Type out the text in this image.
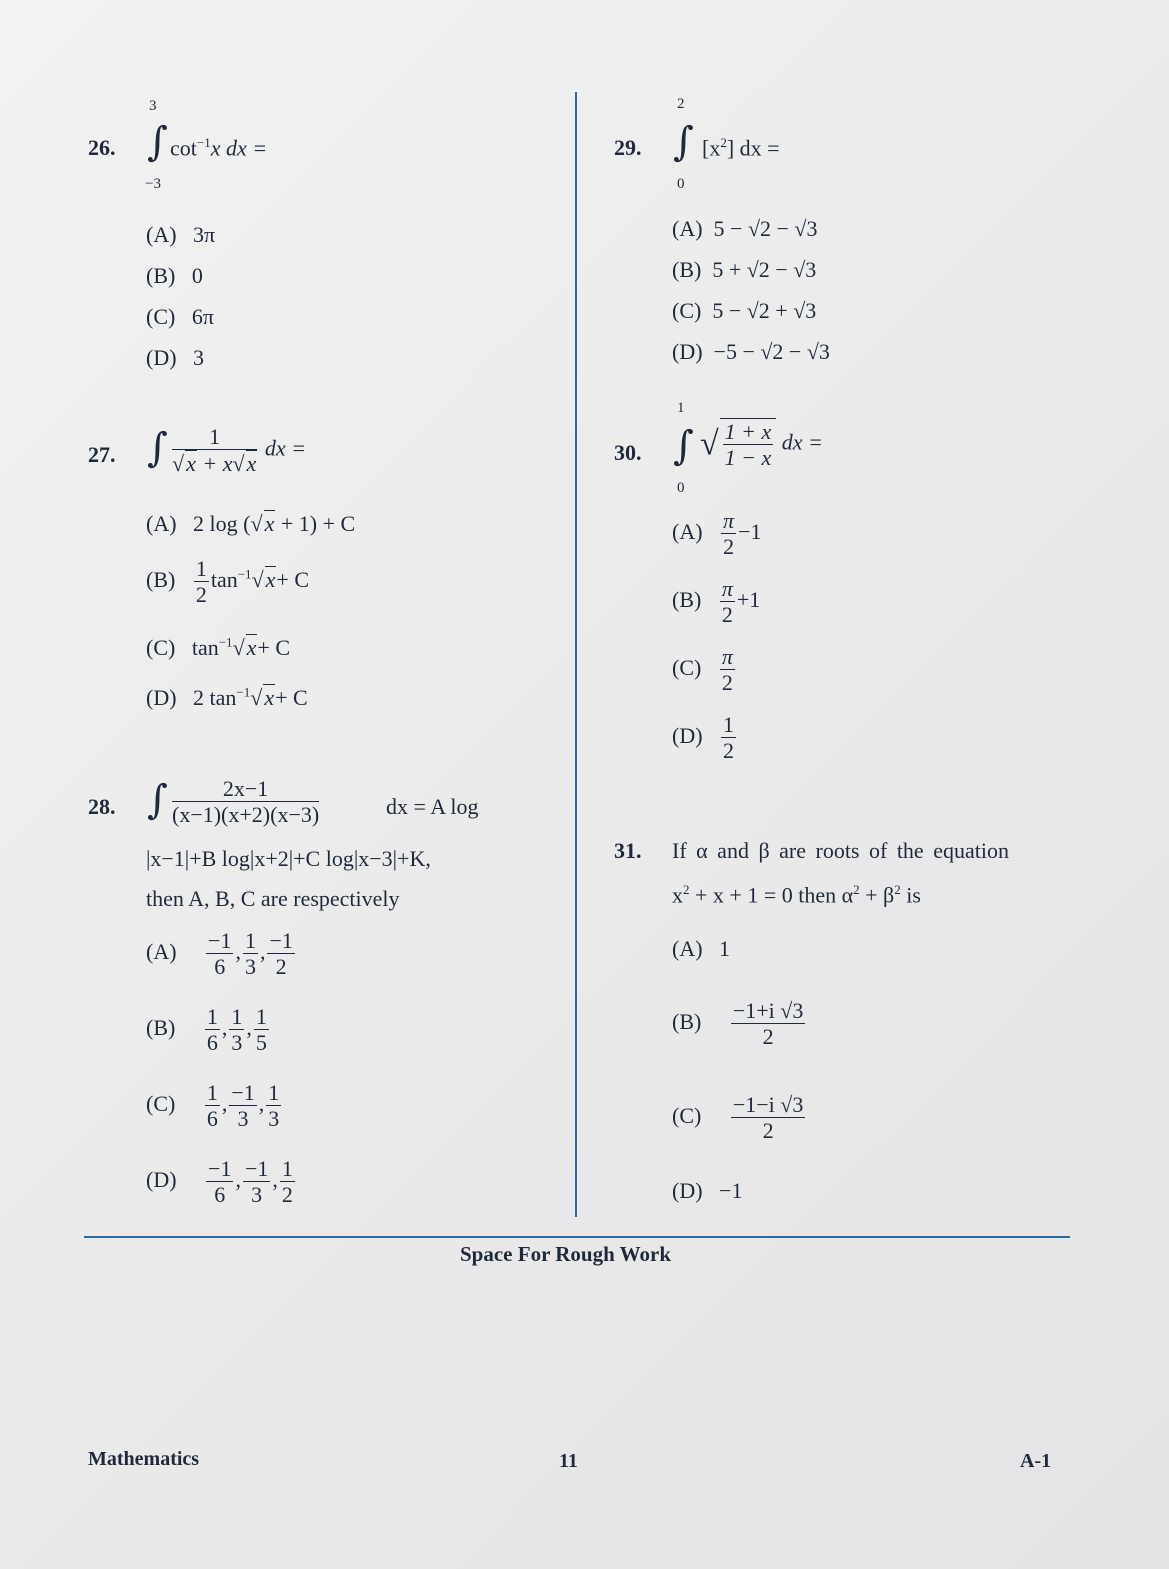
26.
3
∫
−3
$\cot^{-1}x$ dx =
(A) 3π
(B) 0
(C) 6π
(D) 3
27. ∫ $\frac{1}{√x + x√x}$ dx =
(A) 2 log (√x + 1) + C
$(B) \frac{1}{2} \tan^{-1}√x+ C$
(C) $\tan^{-1}√x+ C$
(D) 2 $\tan^{-1}√x+ C$
28. ∫ $\frac{2x-1}{(x-1)(x+2)(x-3)}$	dx = A log
|x−1|+B log|x+2|+C log|x−3|+K,
then A, B, C are respectively
$(A) \frac{-1}{6}$ , $\frac{1}{3}$ , $\frac{-1}{2}$
$(B) \frac{1}{6}$ , $\frac{1}{3}$ , $\frac{1}{5}$
$(C) \frac{1}{6}$ , $\frac{-1}{3}$ , $\frac{1}{3}$
$(D) \frac{-1}{6}$ , $\frac{-1}{3}$ , $\frac{1}{2}$
29.
2
∫
0
$[x^2]$ dx =
(A) 5 − √2 − √3
(B) 5 + √2 − √3
(C) 5 − √2 + √3
(D) −5 − √2 − √3
30.
1
∫
0
√ $\frac{1 + x}{1 - x}$ dx =
$(A) \frac{\pi}{2} -1$
$(B) \frac{\pi}{2} +1$
$(C) \frac{\pi}{2}$
$(D) \frac{1}{2}$
31. If α and β are roots of the equation
$x^2 + x + 1 = 0$ then $\alpha^2 + \beta^2$ is
(A) 1
$(B) \frac{-1+i √3}{2}$
$(C) \frac{-1-i √3}{2}$
(D) −1
Space For Rough Work
Mathematics	11	A-1
